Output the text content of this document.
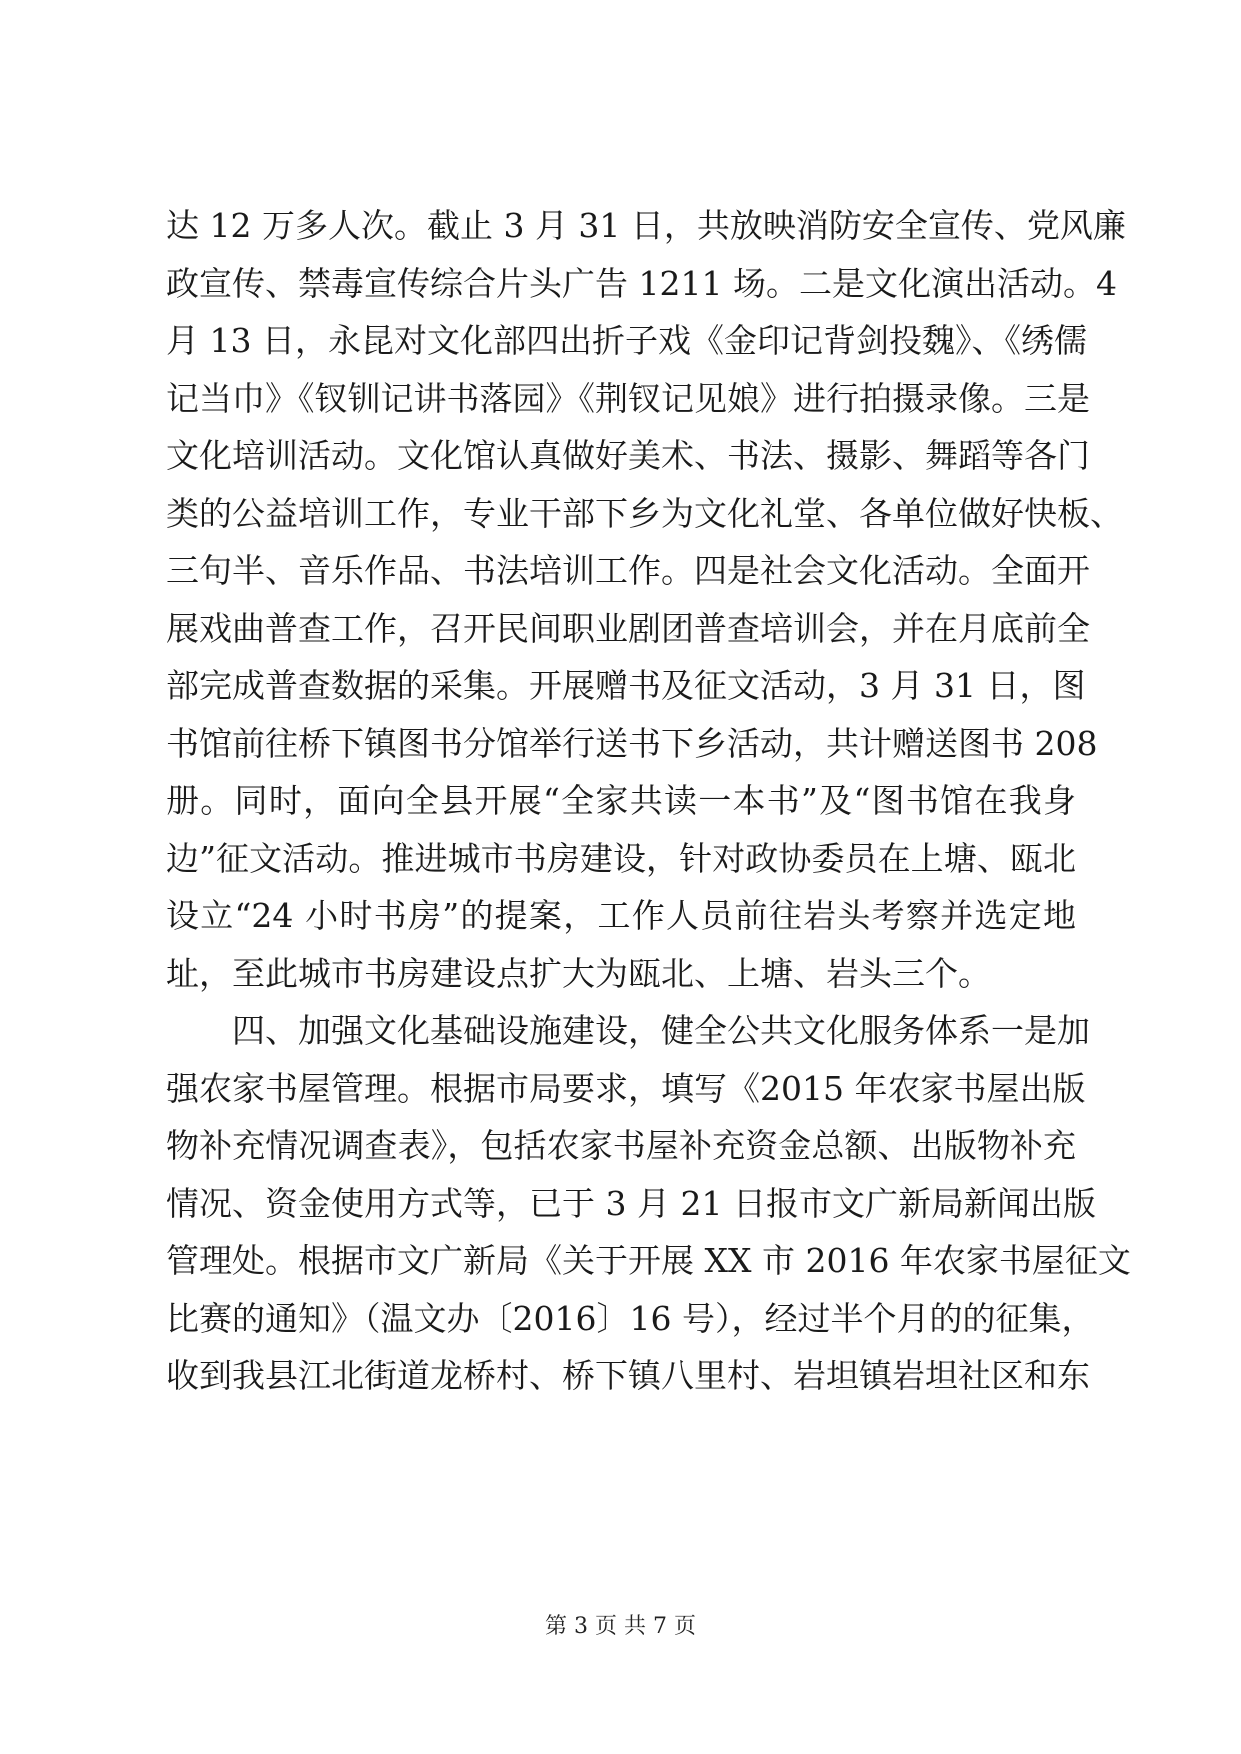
达 12 万多人次。截止 3 月 31 日，共放映消防安全宣传、党风廉
政宣传、禁毒宣传综合片头广告 1211 场。二是文化演出活动。4
月 13 日，永昆对文化部四出折子戏《金印记背剑投魏》、《绣儒
记当巾》《钗钏记讲书落园》《荆钗记见娘》进行拍摄录像。三是
文化培训活动。文化馆认真做好美术、书法、摄影、舞蹈等各门
类的公益培训工作，专业干部下乡为文化礼堂、各单位做好快板、
三句半、音乐作品、书法培训工作。四是社会文化活动。全面开
展戏曲普查工作，召开民间职业剧团普查培训会，并在月底前全
部完成普查数据的采集。开展赠书及征文活动，3 月 31 日，图
书馆前往桥下镇图书分馆举行送书下乡活动，共计赠送图书 208
册。同时，面向全县开展“全家共读一本书”及“图书馆在我身
边”征文活动。推进城市书房建设，针对政协委员在上塘、瓯北
设立“24 小时书房”的提案，工作人员前往岩头考察并选定地
址，至此城市书房建设点扩大为瓯北、上塘、岩头三个。
四、加强文化基础设施建设，健全公共文化服务体系一是加
强农家书屋管理。根据市局要求，填写《2015 年农家书屋出版
物补充情况调查表》，包括农家书屋补充资金总额、出版物补充
情况、资金使用方式等，已于 3 月 21 日报市文广新局新闻出版
管理处。根据市文广新局《关于开展 XX 市 2016 年农家书屋征文
比赛的通知》（温文办〔2016〕16 号），经过半个月的的征集，
收到我县江北街道龙桥村、桥下镇八里村、岩坦镇岩坦社区和东
第 3 页 共 7 页
